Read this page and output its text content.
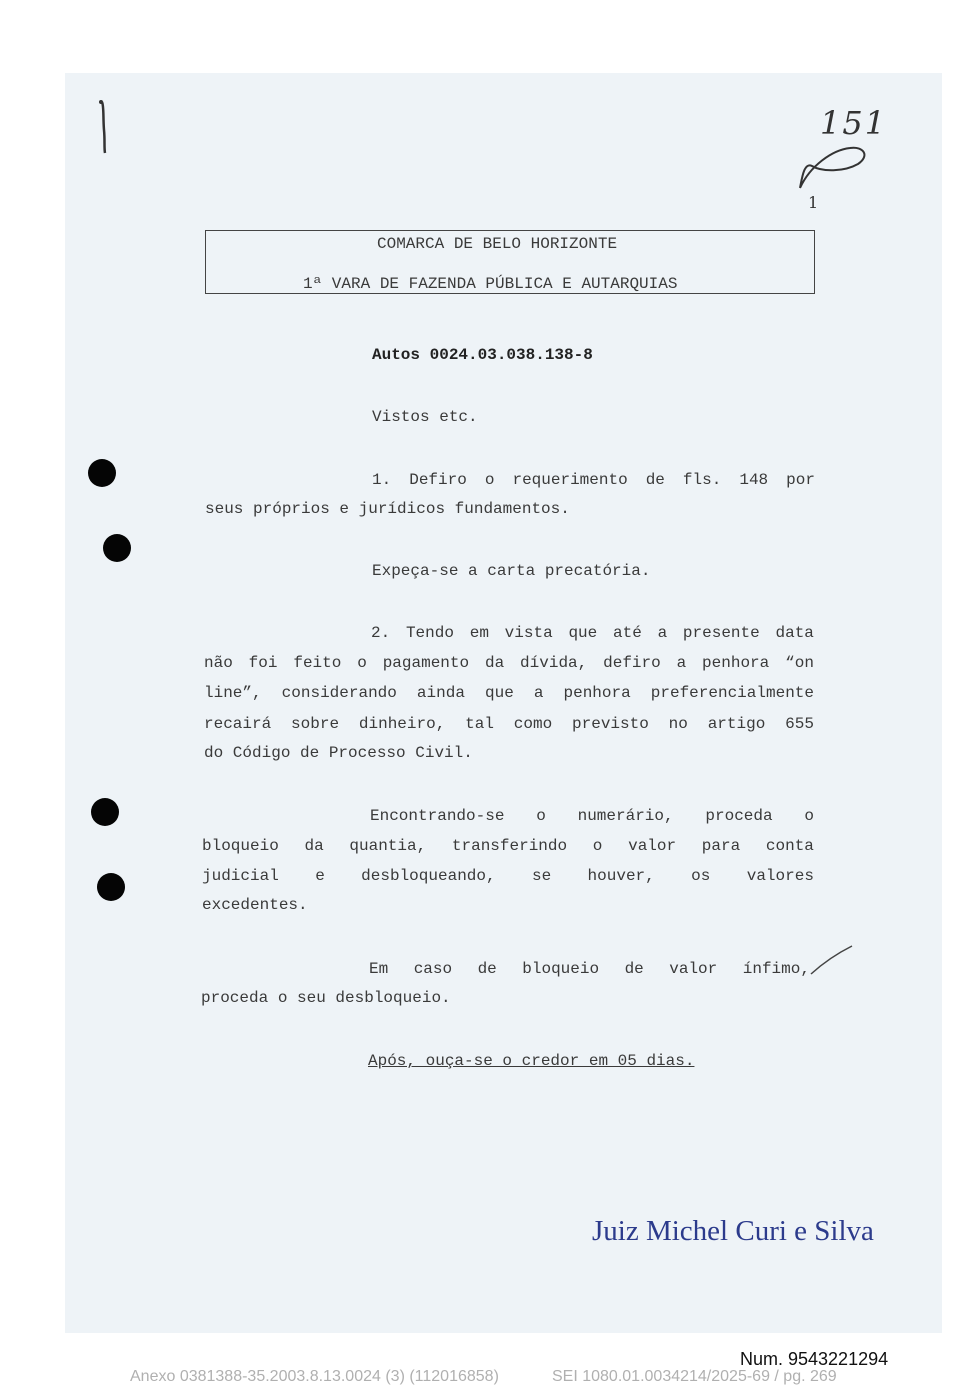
151
1
COMARCA DE BELO HORIZONTE
1ª VARA DE FAZENDA PÚBLICA E AUTARQUIAS
Autos 0024.03.038.138-8
Vistos etc.
1. Defiro o requerimento de fls. 148 por
seus próprios e jurídicos fundamentos.
Expeça-se a carta precatória.
2. Tendo em vista que até a presente data
não foi feito o pagamento da dívida, defiro a penhora “on
line”, considerando ainda que a penhora preferencialmente
recairá sobre dinheiro, tal como previsto no artigo 655
do Código de Processo Civil.
Encontrando-se o numerário, proceda o
bloqueio da quantia, transferindo o valor para conta
judicial e desbloqueando, se houver, os valores
excedentes.
Em caso de bloqueio de valor ínfimo,
proceda o seu desbloqueio.
Após, ouça-se o credor em 05 dias.
Juiz Michel Curi e Silva
Num. 9543221294
Anexo 0381388-35.2003.8.13.0024 (3) (112016858)	SEI 1080.01.0034214/2025-69 / pg. 269
